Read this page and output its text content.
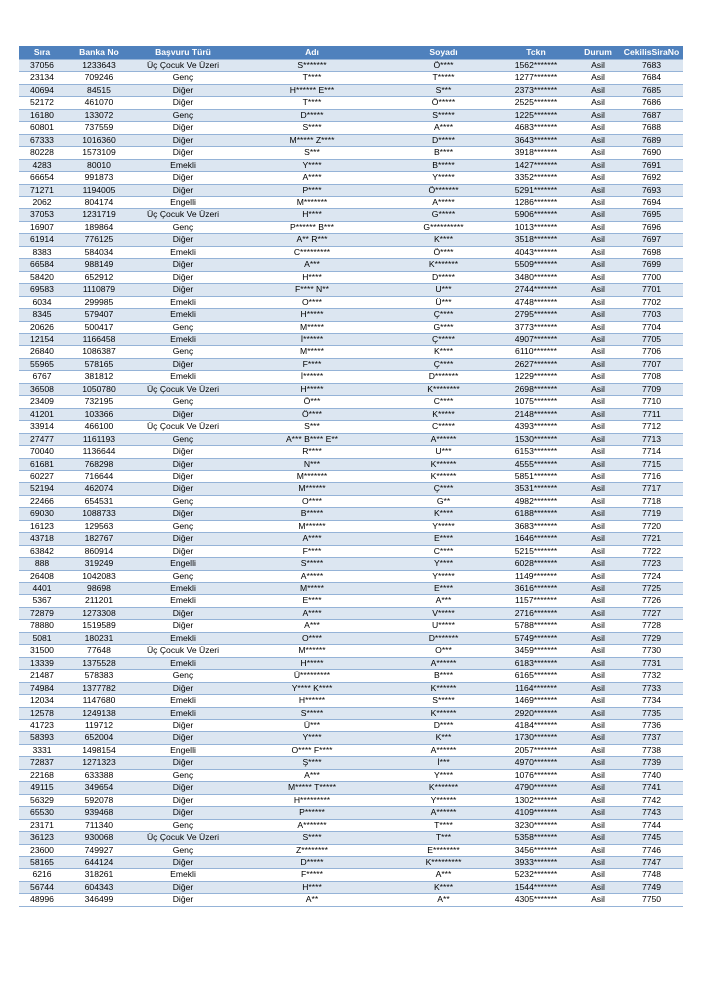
Sıra	Banka No	Başvuru Türü	Adı	Soyadı	Tckn	Durum	CekilisSiraNo
37056	1233643	Üç Çocuk Ve Üzeri	S*******	Ö****	1562*******	Asil	7683
23134	709246	Genç	T****	T*****	1277*******	Asil	7684
40694	84515	Diğer	H****** E***	S***	2373*******	Asil	7685
52172	461070	Diğer	T****	Ö*****	2525*******	Asil	7686
16180	133072	Genç	D*****	S*****	1225*******	Asil	7687
60801	737559	Diğer	S****	A****	4683*******	Asil	7688
67333	1016360	Diğer	M***** Z****	D*****	3643*******	Asil	7689
80228	1573109	Diğer	S***	B****	3918*******	Asil	7690
4283	80010	Emekli	Y****	B*****	1427*******	Asil	7691
66654	991873	Diğer	A****	Y*****	3352*******	Asil	7692
71271	1194005	Diğer	P****	Ö*******	5291*******	Asil	7693
2062	804174	Engelli	M*******	A*****	1286*******	Asil	7694
37053	1231719	Üç Çocuk Ve Üzeri	H****	G*****	5906*******	Asil	7695
16907	189864	Genç	P****** B***	G**********	1013*******	Asil	7696
61914	776125	Diğer	A** R***	K****	3518*******	Asil	7697
8383	584034	Emekli	C*********	Ö****	4043*******	Asil	7698
66584	988149	Diğer	A***	K*******	5509*******	Asil	7699
58420	652912	Diğer	H****	D*****	3480*******	Asil	7700
69583	1110879	Diğer	F**** N**	U***	2744*******	Asil	7701
6034	299985	Emekli	O****	Ü***	4748*******	Asil	7702
8345	579407	Emekli	H*****	Ç****	2795*******	Asil	7703
20626	500417	Genç	M*****	G****	3773*******	Asil	7704
12154	1166458	Emekli	İ******	Ç*****	4907*******	Asil	7705
26840	1086387	Genç	M*****	K****	6110*******	Asil	7706
55965	578165	Diğer	F****	Ç****	2627*******	Asil	7707
6767	381812	Emekli	İ******	D*******	1229*******	Asil	7708
36508	1050780	Üç Çocuk Ve Üzeri	H*****	K********	2698*******	Asil	7709
23409	732195	Genç	Ö***	C****	1075*******	Asil	7710
41201	103366	Diğer	Ö****	K*****	2148*******	Asil	7711
33914	466100	Üç Çocuk Ve Üzeri	S***	C*****	4393*******	Asil	7712
27477	1161193	Genç	A*** B**** E**	A******	1530*******	Asil	7713
70040	1136644	Diğer	R****	U***	6153*******	Asil	7714
61681	768298	Diğer	N***	K******	4555*******	Asil	7715
60227	716644	Diğer	M*******	K******	5851*******	Asil	7716
52194	462074	Diğer	M******	Ç****	3531*******	Asil	7717
22466	654531	Genç	O****	G**	4982*******	Asil	7718
69030	1088733	Diğer	B*****	K****	6188*******	Asil	7719
16123	129563	Genç	M******	Y*****	3683*******	Asil	7720
43718	182767	Diğer	A****	E****	1646*******	Asil	7721
63842	860914	Diğer	F****	C****	5215*******	Asil	7722
888	319249	Engelli	S*****	Y****	6028*******	Asil	7723
26408	1042083	Genç	A*****	Y*****	1149*******	Asil	7724
4401	98698	Emekli	M*****	E****	3616*******	Asil	7725
5367	211201	Emekli	E****	A***	1157*******	Asil	7726
72879	1273308	Diğer	A****	V*****	2716*******	Asil	7727
78880	1519589	Diğer	A***	U*****	5788*******	Asil	7728
5081	180231	Emekli	O****	D*******	5749*******	Asil	7729
31500	77648	Üç Çocuk Ve Üzeri	M******	O***	3459*******	Asil	7730
13339	1375528	Emekli	H*****	A******	6183*******	Asil	7731
21487	578383	Genç	Ü*********	B****	6165*******	Asil	7732
74984	1377782	Diğer	Y**** K****	K******	1164*******	Asil	7733
12034	1147680	Emekli	H******	S*****	1469*******	Asil	7734
12578	1249138	Emekli	S*****	K******	2920*******	Asil	7735
41723	119712	Diğer	Ü***	D****	4184*******	Asil	7736
58393	652004	Diğer	Y****	K***	1730*******	Asil	7737
3331	1498154	Engelli	O**** F****	A******	2057*******	Asil	7738
72837	1271323	Diğer	Ş****	İ***	4970*******	Asil	7739
22168	633388	Genç	A***	Y****	1076*******	Asil	7740
49115	349654	Diğer	M***** T*****	K*******	4790*******	Asil	7741
56329	592078	Diğer	H*********	Y******	1302*******	Asil	7742
65530	939468	Diğer	P******	A******	4109*******	Asil	7743
23171	711340	Genç	A*******	T****	3230*******	Asil	7744
36123	930068	Üç Çocuk Ve Üzeri	S****	T***	5358*******	Asil	7745
23600	749927	Genç	Z********	E********	3456*******	Asil	7746
58165	644124	Diğer	D*****	K*********	3933*******	Asil	7747
6216	318261	Emekli	F*****	A***	5232*******	Asil	7748
56744	604343	Diğer	H****	K****	1544*******	Asil	7749
48996	346499	Diğer	A**	A**	4305*******	Asil	7750
